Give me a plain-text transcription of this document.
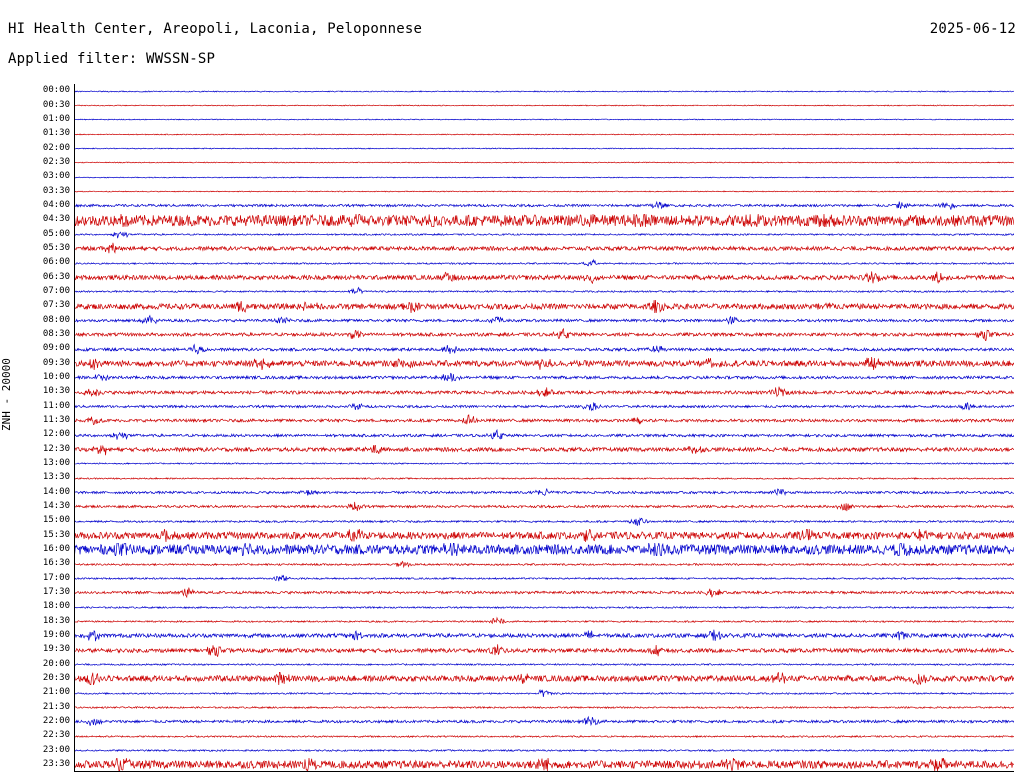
HI Health Center, Areopoli, Laconia, Peloponnese	2025-06-12
Applied filter: WWSSN-SP
ZNH - 20000
00:00
00:30
01:00
01:30
02:00
02:30
03:00
03:30
04:00
04:30
05:00
05:30
06:00
06:30
07:00
07:30
08:00
08:30
09:00
09:30
10:00
10:30
11:00
11:30
12:00
12:30
13:00
13:30
14:00
14:30
15:00
15:30
16:00
16:30
17:00
17:30
18:00
18:30
19:00
19:30
20:00
20:30
21:00
21:30
22:00
22:30
23:00
23:30
